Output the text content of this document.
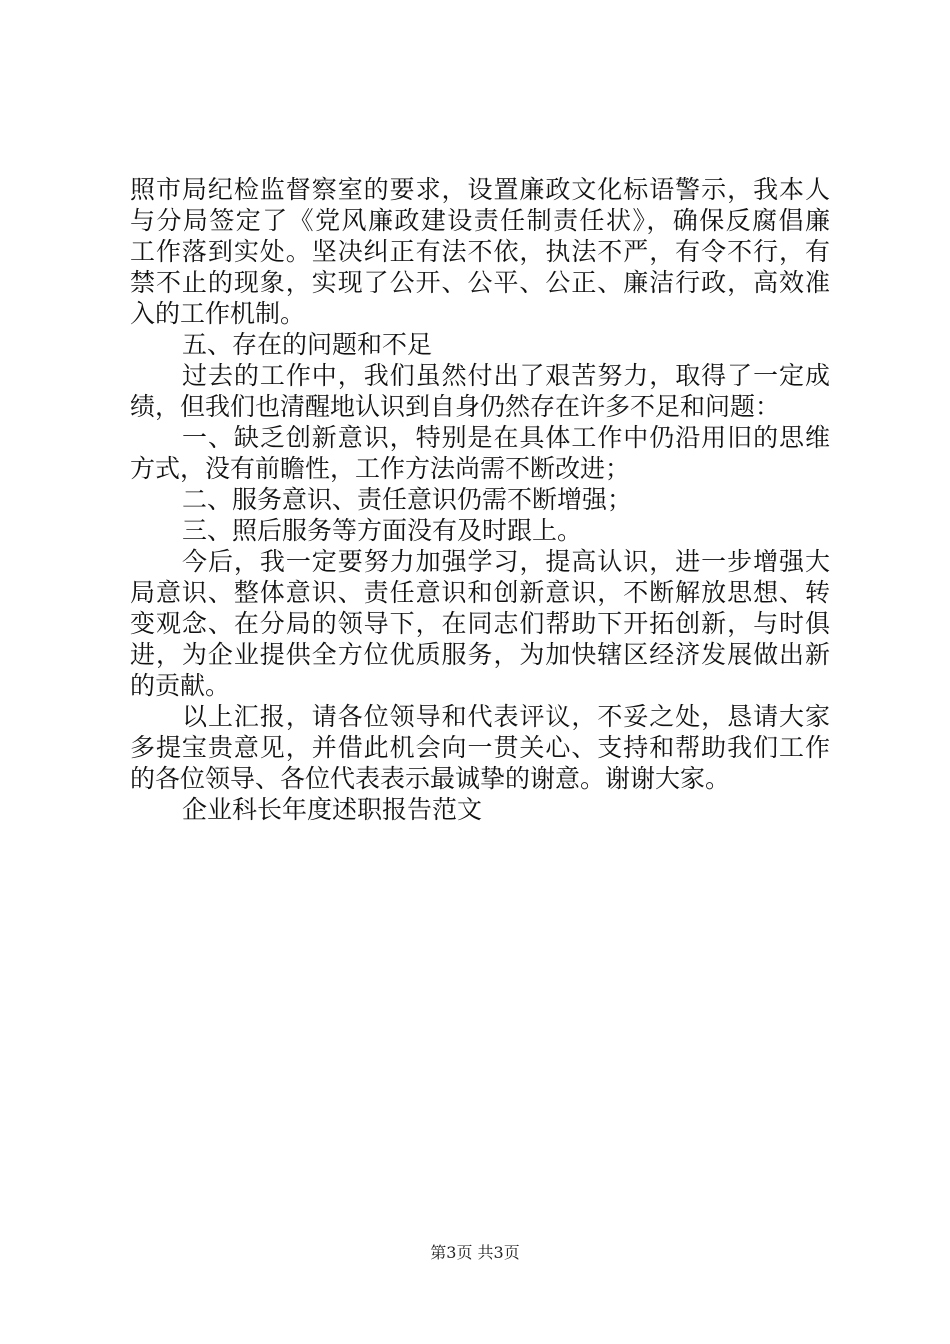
照市局纪检监督察室的要求，设置廉政文化标语警示，我本人
与分局签定了《党风廉政建设责任制责任状》，确保反腐倡廉
工作落到实处。坚决纠正有法不依，执法不严，有令不行，有
禁不止的现象，实现了公开、公平、公正、廉洁行政，高效准
入的工作机制。
五、存在的问题和不足
过去的工作中，我们虽然付出了艰苦努力，取得了一定成
绩，但我们也清醒地认识到自身仍然存在许多不足和问题：
一、缺乏创新意识，特别是在具体工作中仍沿用旧的思维
方式，没有前瞻性，工作方法尚需不断改进；
二、服务意识、责任意识仍需不断增强；
三、照后服务等方面没有及时跟上。
今后，我一定要努力加强学习，提高认识，进一步增强大
局意识、整体意识、责任意识和创新意识，不断解放思想、转
变观念、在分局的领导下，在同志们帮助下开拓创新，与时俱
进，为企业提供全方位优质服务，为加快辖区经济发展做出新
的贡献。
以上汇报，请各位领导和代表评议，不妥之处，恳请大家
多提宝贵意见，并借此机会向一贯关心、支持和帮助我们工作
的各位领导、各位代表表示最诚挚的谢意。谢谢大家。
企业科长年度述职报告范文
第3页 共3页
